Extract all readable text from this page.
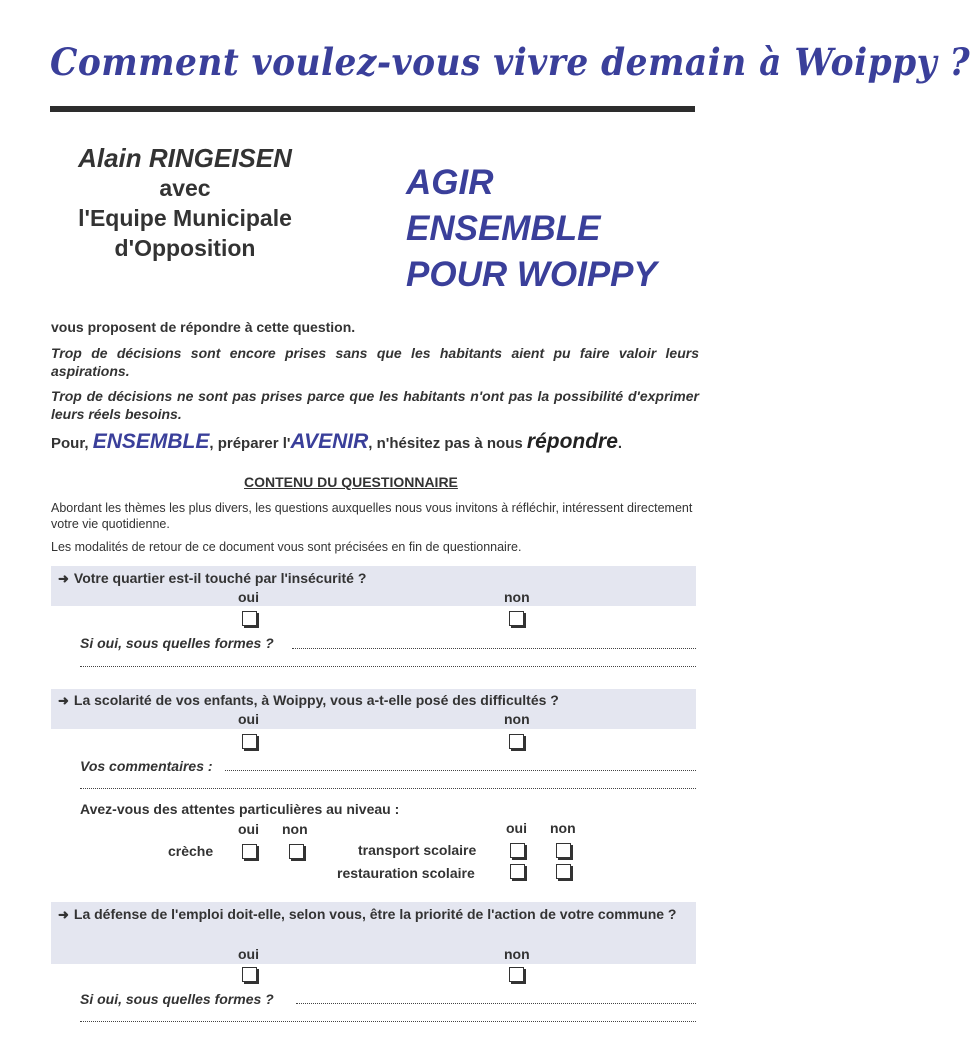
Comment voulez-vous vivre demain à Woippy ?
Alain RINGEISEN
avec
l'Equipe Municipale
d'Opposition
AGIR
ENSEMBLE
POUR WOIPPY
vous proposent de répondre à cette question.
Trop de décisions sont encore prises sans que les habitants aient pu faire valoir leurs aspirations.
Trop de décisions ne sont pas prises parce que les habitants n'ont pas la possibilité d'exprimer leurs réels besoins.
Pour, ENSEMBLE, préparer l'AVENIR, n'hésitez pas à nous répondre.
CONTENU DU QUESTIONNAIRE
Abordant les thèmes les plus divers, les questions auxquelles nous vous invitons à réfléchir, intéressent directement votre vie quotidienne.
Les modalités de retour de ce document vous sont précisées en fin de questionnaire.
➜ Votre quartier est-il touché par l'insécurité ?
oui	non
Si oui, sous quelles formes ?
➜ La scolarité de vos enfants, à Woippy, vous a-t-elle posé des difficultés ?
oui	non
Vos commentaires :
Avez-vous des attentes particulières au niveau :
oui non	oui non
crèche	transport scolaire
restauration scolaire
➜ La défense de l'emploi doit-elle, selon vous, être la priorité de l'action de votre commune ?
oui	non
Si oui, sous quelles formes ?
